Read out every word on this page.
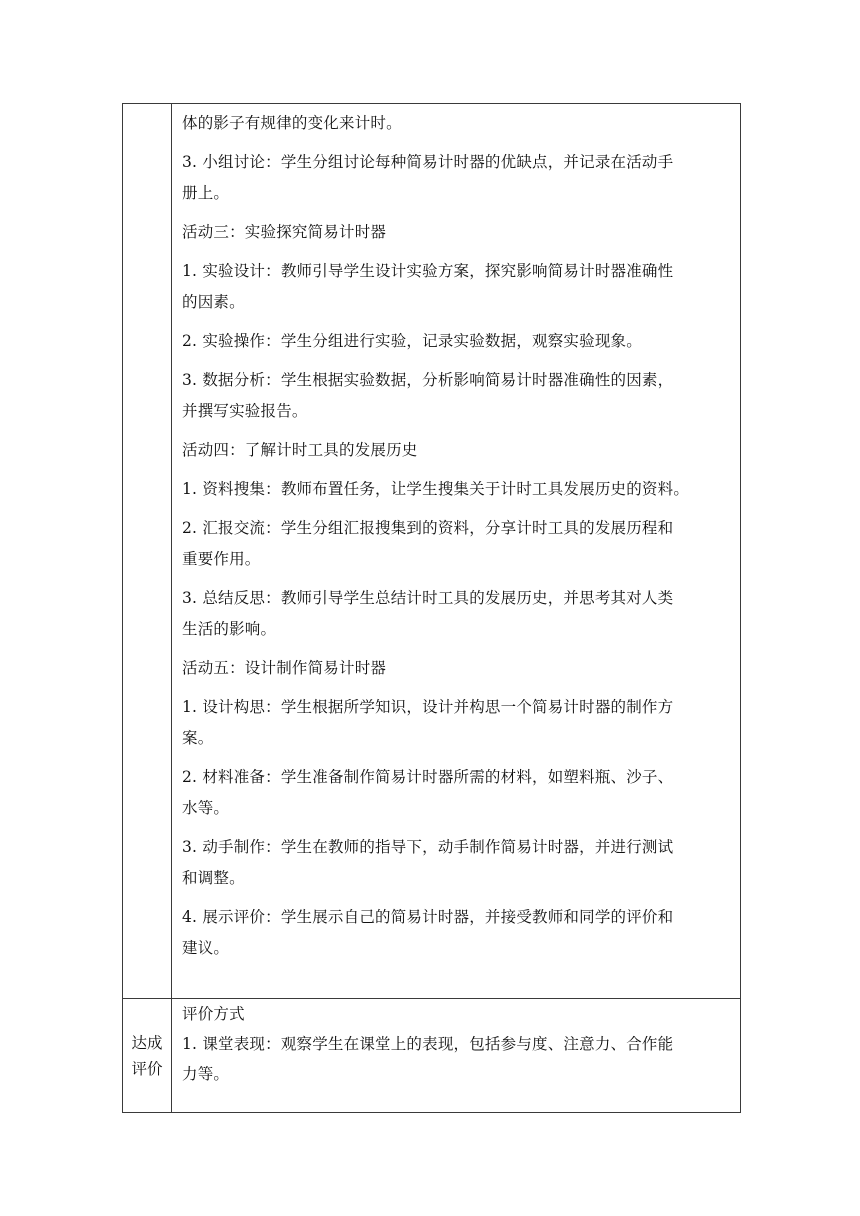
体的影子有规律的变化来计时。

3. 小组讨论：学生分组讨论每种简易计时器的优缺点，并记录在活动手

册上。

活动三：实验探究简易计时器

1. 实验设计：教师引导学生设计实验方案，探究影响简易计时器准确性

的因素。

2. 实验操作：学生分组进行实验，记录实验数据，观察实验现象。

3. 数据分析：学生根据实验数据，分析影响简易计时器准确性的因素，

并撰写实验报告。

活动四：了解计时工具的发展历史

1. 资料搜集：教师布置任务，让学生搜集关于计时工具发展历史的资料。

2. 汇报交流：学生分组汇报搜集到的资料，分享计时工具的发展历程和

重要作用。

3. 总结反思：教师引导学生总结计时工具的发展历史，并思考其对人类

生活的影响。

活动五：设计制作简易计时器

1. 设计构思：学生根据所学知识，设计并构思一个简易计时器的制作方

案。

2. 材料准备：学生准备制作简易计时器所需的材料，如塑料瓶、沙子、

水等。

3. 动手制作：学生在教师的指导下，动手制作简易计时器，并进行测试

和调整。

4. 展示评价：学生展示自己的简易计时器，并接受教师和同学的评价和

建议。

达成
评价

评价方式

1. 课堂表现：观察学生在课堂上的表现，包括参与度、注意力、合作能

力等。
